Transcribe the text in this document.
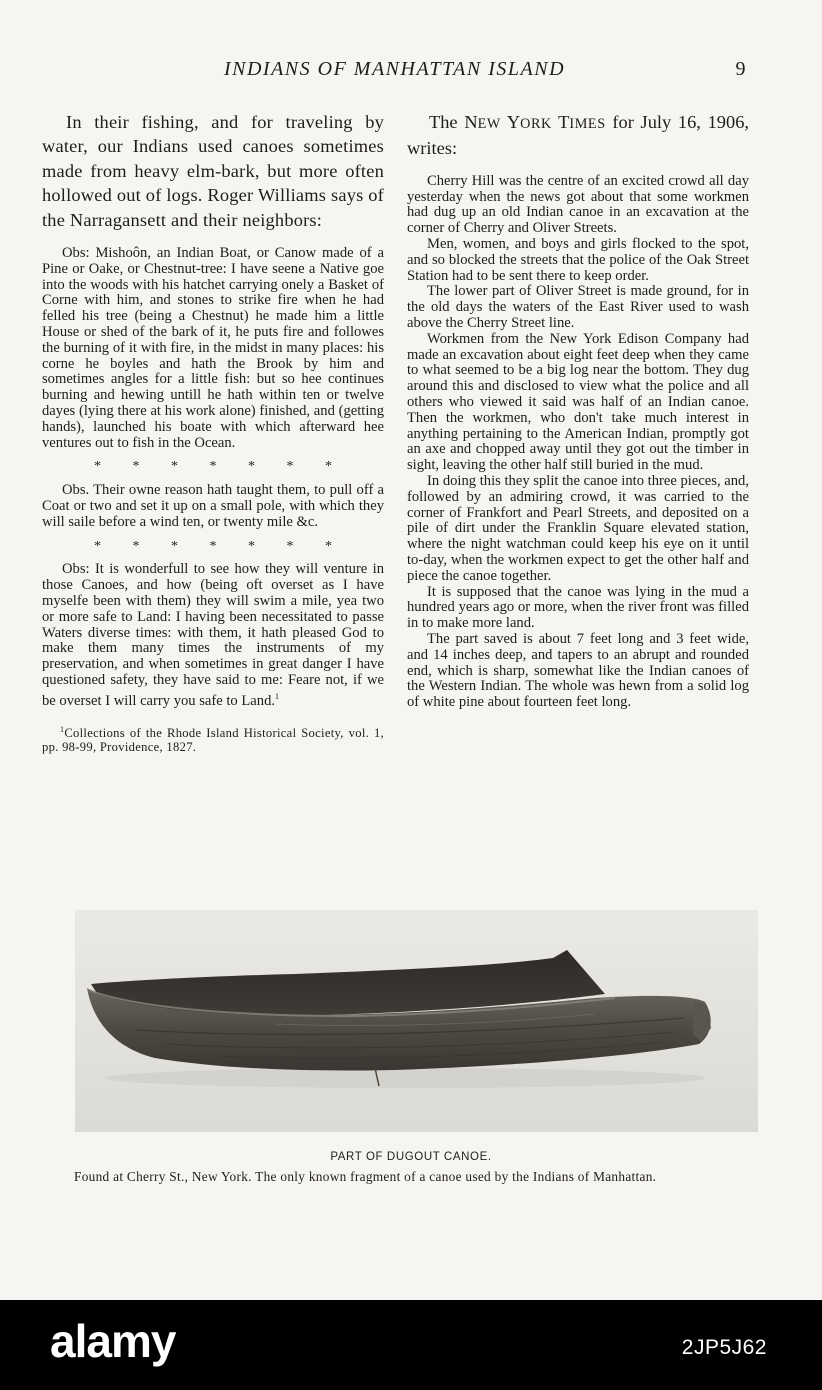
INDIANS OF MANHATTAN ISLAND	9

In their fishing, and for traveling by water, our Indians used canoes sometimes made from heavy elm-bark, but more often hollowed out of logs. Roger Williams says of the Narragansett and their neighbors:

Obs: Mishoôn, an Indian Boat, or Canow made of a Pine or Oake, or Chestnut-tree: I have seene a Native goe into the woods with his hatchet carrying onely a Basket of Corne with him, and stones to strike fire when he had felled his tree (being a Chestnut) he made him a little House or shed of the bark of it, he puts fire and followes the burning of it with fire, in the midst in many places: his corne he boyles and hath the Brook by him and sometimes angles for a little fish: but so hee continues burning and hewing untill he hath within ten or twelve dayes (lying there at his work alone) finished, and (getting hands), launched his boate with which afterward hee ventures out to fish in the Ocean.

* * * * * * *

Obs. Their owne reason hath taught them, to pull off a Coat or two and set it up on a small pole, with which they will saile before a wind ten, or twenty mile &c.

* * * * * * *

Obs: It is wonderfull to see how they will venture in those Canoes, and how (being oft overset as I have myselfe been with them) they will swim a mile, yea two or more safe to Land: I having been necessitated to passe Waters diverse times: with them, it hath pleased God to make them many times the instruments of my preservation, and when sometimes in great danger I have questioned safety, they have said to me: Feare not, if we be overset I will carry you safe to Land.$^1$

$^1$Collections of the Rhode Island Historical Society, vol. 1, pp. 98-99, Providence, 1827.

The NEW YORK TIMES for July 16, 1906, writes:

Cherry Hill was the centre of an excited crowd all day yesterday when the news got about that some workmen had dug up an old Indian canoe in an excavation at the corner of Cherry and Oliver Streets.

Men, women, and boys and girls flocked to the spot, and so blocked the streets that the police of the Oak Street Station had to be sent there to keep order.

The lower part of Oliver Street is made ground, for in the old days the waters of the East River used to wash above the Cherry Street line.

Workmen from the New York Edison Company had made an excavation about eight feet deep when they came to what seemed to be a big log near the bottom. They dug around this and disclosed to view what the police and all others who viewed it said was half of an Indian canoe. Then the workmen, who don't take much interest in anything pertaining to the American Indian, promptly got an axe and chopped away until they got out the timber in sight, leaving the other half still buried in the mud.

In doing this they split the canoe into three pieces, and, followed by an admiring crowd, it was carried to the corner of Frankfort and Pearl Streets, and deposited on a pile of dirt under the Franklin Square elevated station, where the night watchman could keep his eye on it until to-day, when the workmen expect to get the other half and piece the canoe together.

It is supposed that the canoe was lying in the mud a hundred years ago or more, when the river front was filled in to make more land.

The part saved is about 7 feet long and 3 feet wide, and 14 inches deep, and tapers to an abrupt and rounded end, which is sharp, somewhat like the Indian canoes of the Western Indian. The whole was hewn from a solid log of white pine about fourteen feet long.

PART OF DUGOUT CANOE.
Found at Cherry St., New York. The only known fragment of a canoe used by the Indians of Manhattan.
alamy	2JP5J62
